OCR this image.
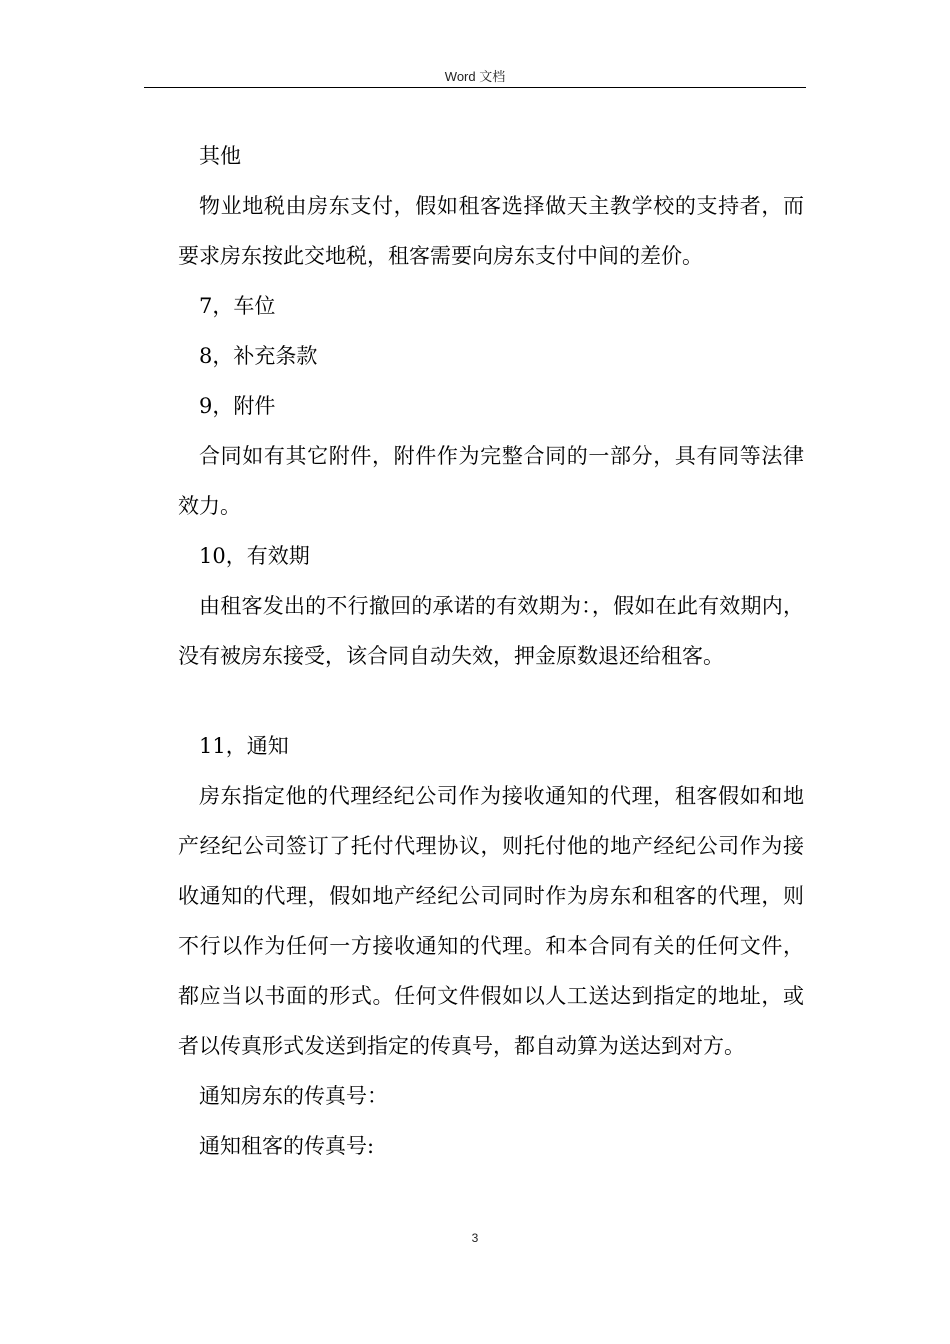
Word 文档

其他

物业地税由房东支付，假如租客选择做天主教学校的支持者，而要求房东按此交地税，租客需要向房东支付中间的差价。

7，车位

8，补充条款

9，附件

合同如有其它附件，附件作为完整合同的一部分，具有同等法律效力。

10，有效期

由租客发出的不行撤回的承诺的有效期为：，假如在此有效期内，没有被房东接受，该合同自动失效，押金原数退还给租客。

11，通知

房东指定他的代理经纪公司作为接收通知的代理，租客假如和地产经纪公司签订了托付代理协议，则托付他的地产经纪公司作为接收通知的代理，假如地产经纪公司同时作为房东和租客的代理，则不行以作为任何一方接收通知的代理。和本合同有关的任何文件，都应当以书面的形式。任何文件假如以人工送达到指定的地址，或者以传真形式发送到指定的传真号，都自动算为送达到对方。

通知房东的传真号：

通知租客的传真号:

3
